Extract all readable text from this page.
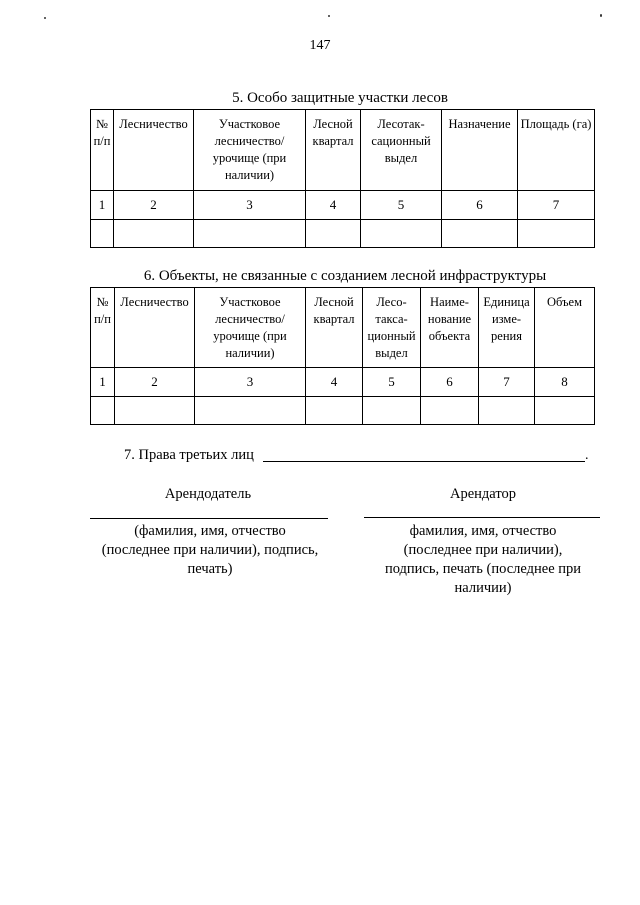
147
5. Особо защитные участки лесов
№ п/п	Лесничество	Участковое лесничество/ урочище (при наличии)	Лесной квартал	Лесотак- сационный выдел	Назначение	Площадь (га)
1	2	3	4	5	6	7

6. Объекты, не связанные с созданием лесной инфраструктуры
№ п/п	Лесничество	Участковое лесничество/ урочище (при наличии)	Лесной квартал	Лесо- такса- ционный выдел	Наиме- нование объекта	Единица изме- рения	Объем
1	2	3	4	5	6	7	8

7. Права третьих лиц	.
Арендодатель
(фамилия, имя, отчество
(последнее при наличии), подпись,
печать)
Арендатор
фамилия, имя, отчество
(последнее при наличии),
подпись, печать (последнее при
наличии)
